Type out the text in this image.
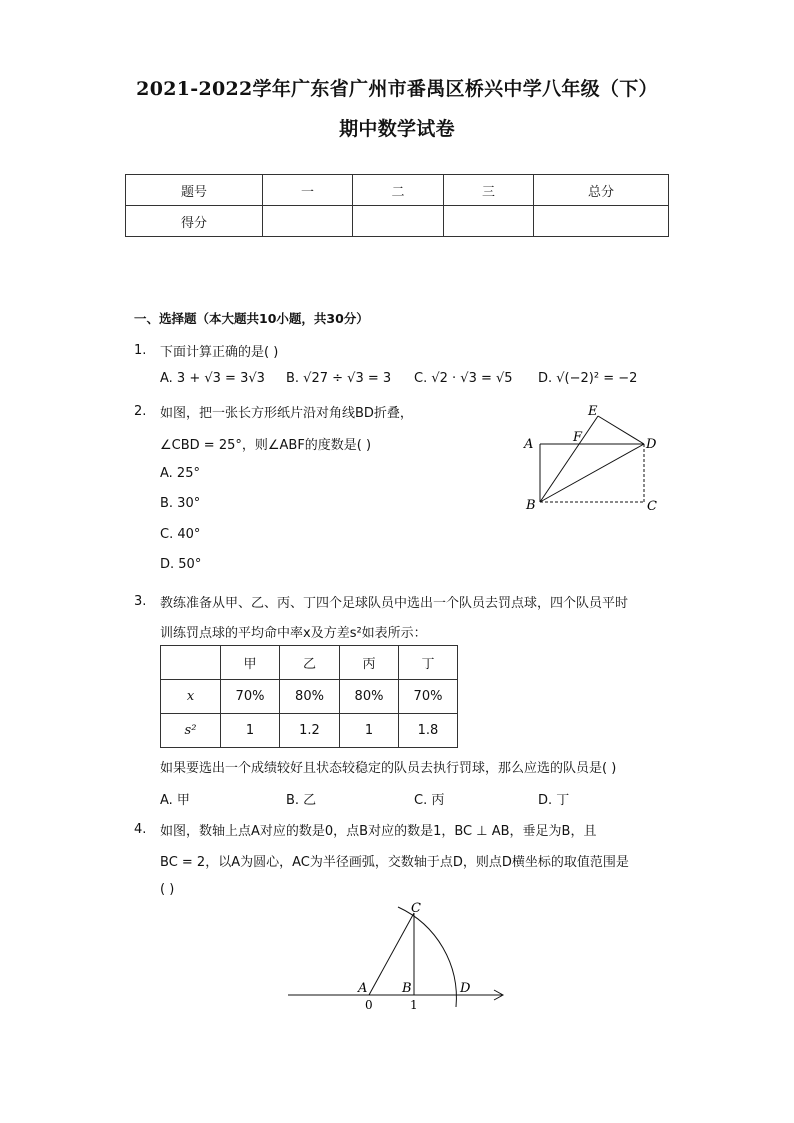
2021-2022学年广东省广州市番禺区桥兴中学八年级（下）
期中数学试卷
题号	一	二	三	总分
得分				
一、选择题（本大题共10小题，共30分）
1. 下面计算正确的是( )
A. 3 + √3 = 3√3 B. √27 ÷ √3 = 3 C. √2 · √3 = √5 D. √(−2)² = −2
2. 如图，把一张长方形纸片沿对角线BD折叠，
∠CBD = 25°，则∠ABF的度数是( )
A. 25°
B. 30°
C. 40°
D. 50°
E
F
A	D
B	C
3. 教练准备从甲、乙、丙、丁四个足球队员中选出一个队员去罚点球，四个队员平时
训练罚点球的平均命中率x及方差s²如表所示：
	甲	乙	丙	丁
x	70%	80%	80%	70%
s²	1	1.2	1	1.8
如果要选出一个成绩较好且状态较稳定的队员去执行罚球，那么应选的队员是( )
A. 甲	B. 乙	C. 丙	D. 丁
4. 如图，数轴上点A对应的数是0，点B对应的数是1，BC ⊥ AB，垂足为B，且
BC = 2，以A为圆心，AC为半径画弧，交数轴于点D，则点D横坐标的取值范围是
( )
C
A	B	D
0	1
